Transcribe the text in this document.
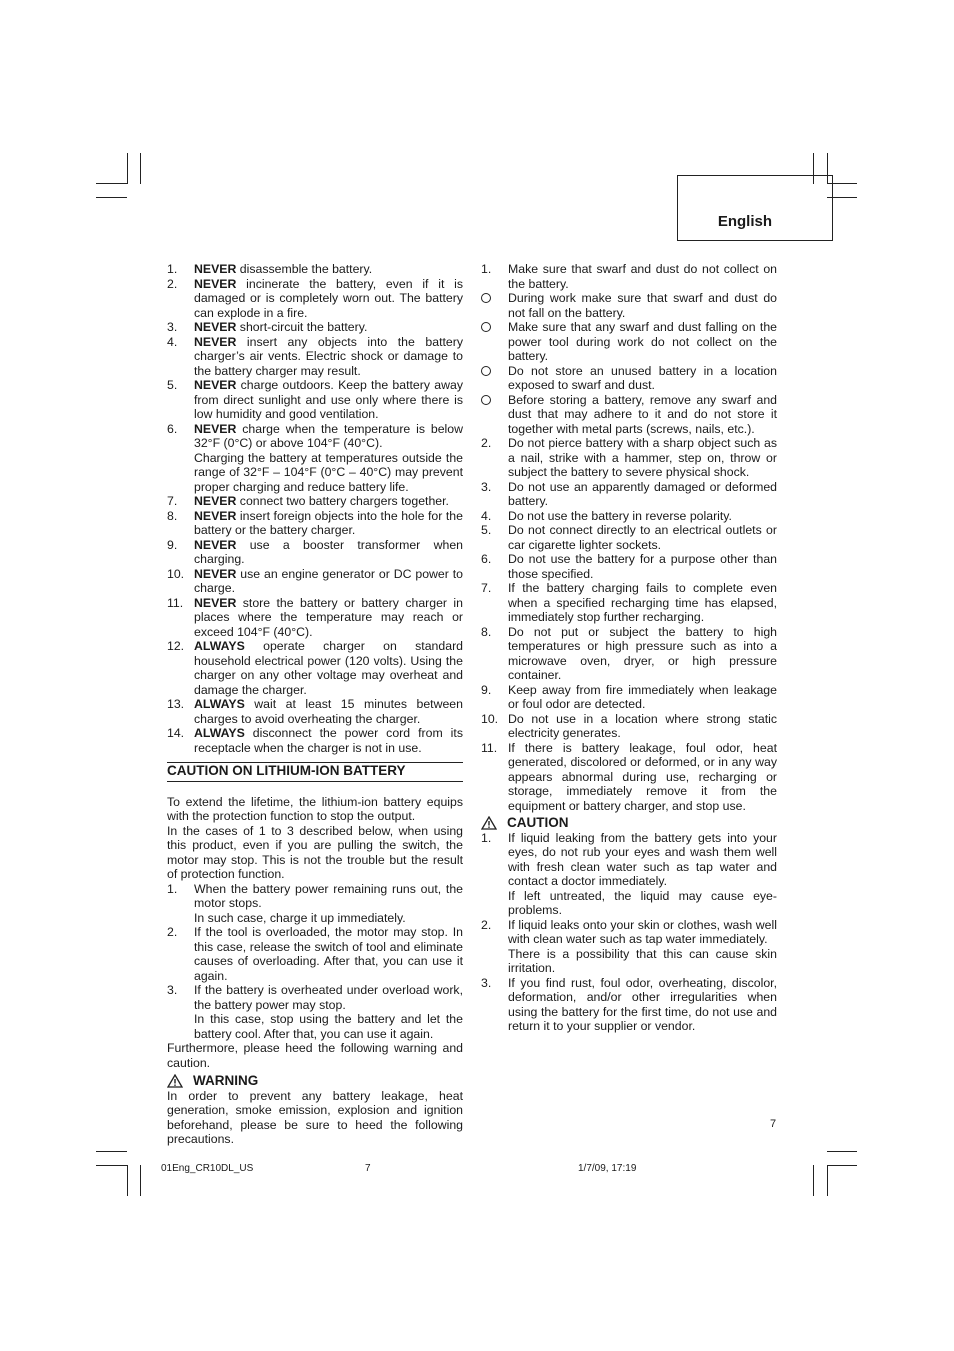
English
1.	NEVER disassemble the battery.
2.	NEVER incinerate the battery, even if it is damaged or is completely worn out. The battery can explode in a fire.
3.	NEVER short-circuit the battery.
4.	NEVER insert any objects into the battery charger’s air vents. Electric shock or damage to the battery charger may result.
5.	NEVER charge outdoors. Keep the battery away from direct sunlight and use only where there is low humidity and good ventilation.
6.	NEVER charge when the temperature is below 32°F (0°C) or above 104°F (40°C).
Charging the battery at temperatures outside the range of 32°F – 104°F (0°C – 40°C) may prevent proper charging and reduce battery life.
7.	NEVER connect two battery chargers together.
8.	NEVER insert foreign objects into the hole for the battery or the battery charger.
9.	NEVER use a booster transformer when charging.
10. NEVER use an engine generator or DC power to charge.
11. NEVER store the battery or battery charger in places where the temperature may reach or exceed 104°F (40°C).
12. ALWAYS operate charger on standard household electrical power (120 volts). Using the charger on any other voltage may overheat and damage the charger.
13. ALWAYS wait at least 15 minutes between charges to avoid overheating the charger.
14. ALWAYS disconnect the power cord from its receptacle when the charger is not in use.
CAUTION ON LITHIUM-ION BATTERY
To extend the lifetime, the lithium-ion battery equips with the protection function to stop the output.
In the cases of 1 to 3 described below, when using this product, even if you are pulling the switch, the motor may stop. This is not the trouble but the result of protection function.
1.	When the battery power remaining runs out, the motor stops.
In such case, charge it up immediately.
2.	If the tool is overloaded, the motor may stop. In this case, release the switch of tool and eliminate causes of overloading. After that, you can use it again.
3.	If the battery is overheated under overload work, the battery power may stop.
In this case, stop using the battery and let the battery cool. After that, you can use it again.
Furthermore, please heed the following warning and caution.
WARNING
In order to prevent any battery leakage, heat generation, smoke emission, explosion and ignition beforehand, please be sure to heed the following precautions.
1.	Make sure that swarf and dust do not collect on the battery.
During work make sure that swarf and dust do not fall on the battery.
Make sure that any swarf and dust falling on the power tool during work do not collect on the battery.
Do not store an unused battery in a location exposed to swarf and dust.
Before storing a battery, remove any swarf and dust that may adhere to it and do not store it together with metal parts (screws, nails, etc.).
2.	Do not pierce battery with a sharp object such as a nail, strike with a hammer, step on, throw or subject the battery to severe physical shock.
3.	Do not use an apparently damaged or deformed battery.
4.	Do not use the battery in reverse polarity.
5.	Do not connect directly to an electrical outlets or car cigarette lighter sockets.
6.	Do not use the battery for a purpose other than those specified.
7.	If the battery charging fails to complete even when a specified recharging time has elapsed, immediately stop further recharging.
8.	Do not put or subject the battery to high temperatures or high pressure such as into a microwave oven, dryer, or high pressure container.
9.	Keep away from fire immediately when leakage or foul odor are detected.
10. Do not use in a location where strong static electricity generates.
11. If there is battery leakage, foul odor, heat generated, discolored or deformed, or in any way appears abnormal during use, recharging or storage, immediately remove it from the equipment or battery charger, and stop use.
CAUTION
1.	If liquid leaking from the battery gets into your eyes, do not rub your eyes and wash them well with fresh clean water such as tap water and contact a doctor immediately.
If left untreated, the liquid may cause eye-problems.
2.	If liquid leaks onto your skin or clothes, wash well with clean water such as tap water immediately.
There is a possibility that this can cause skin irritation.
3.	If you find rust, foul odor, overheating, discolor, deformation, and/or other irregularities when using the battery for the first time, do not use and return it to your supplier or vendor.
7
01Eng_CR10DL_US	7	1/7/09, 17:19
